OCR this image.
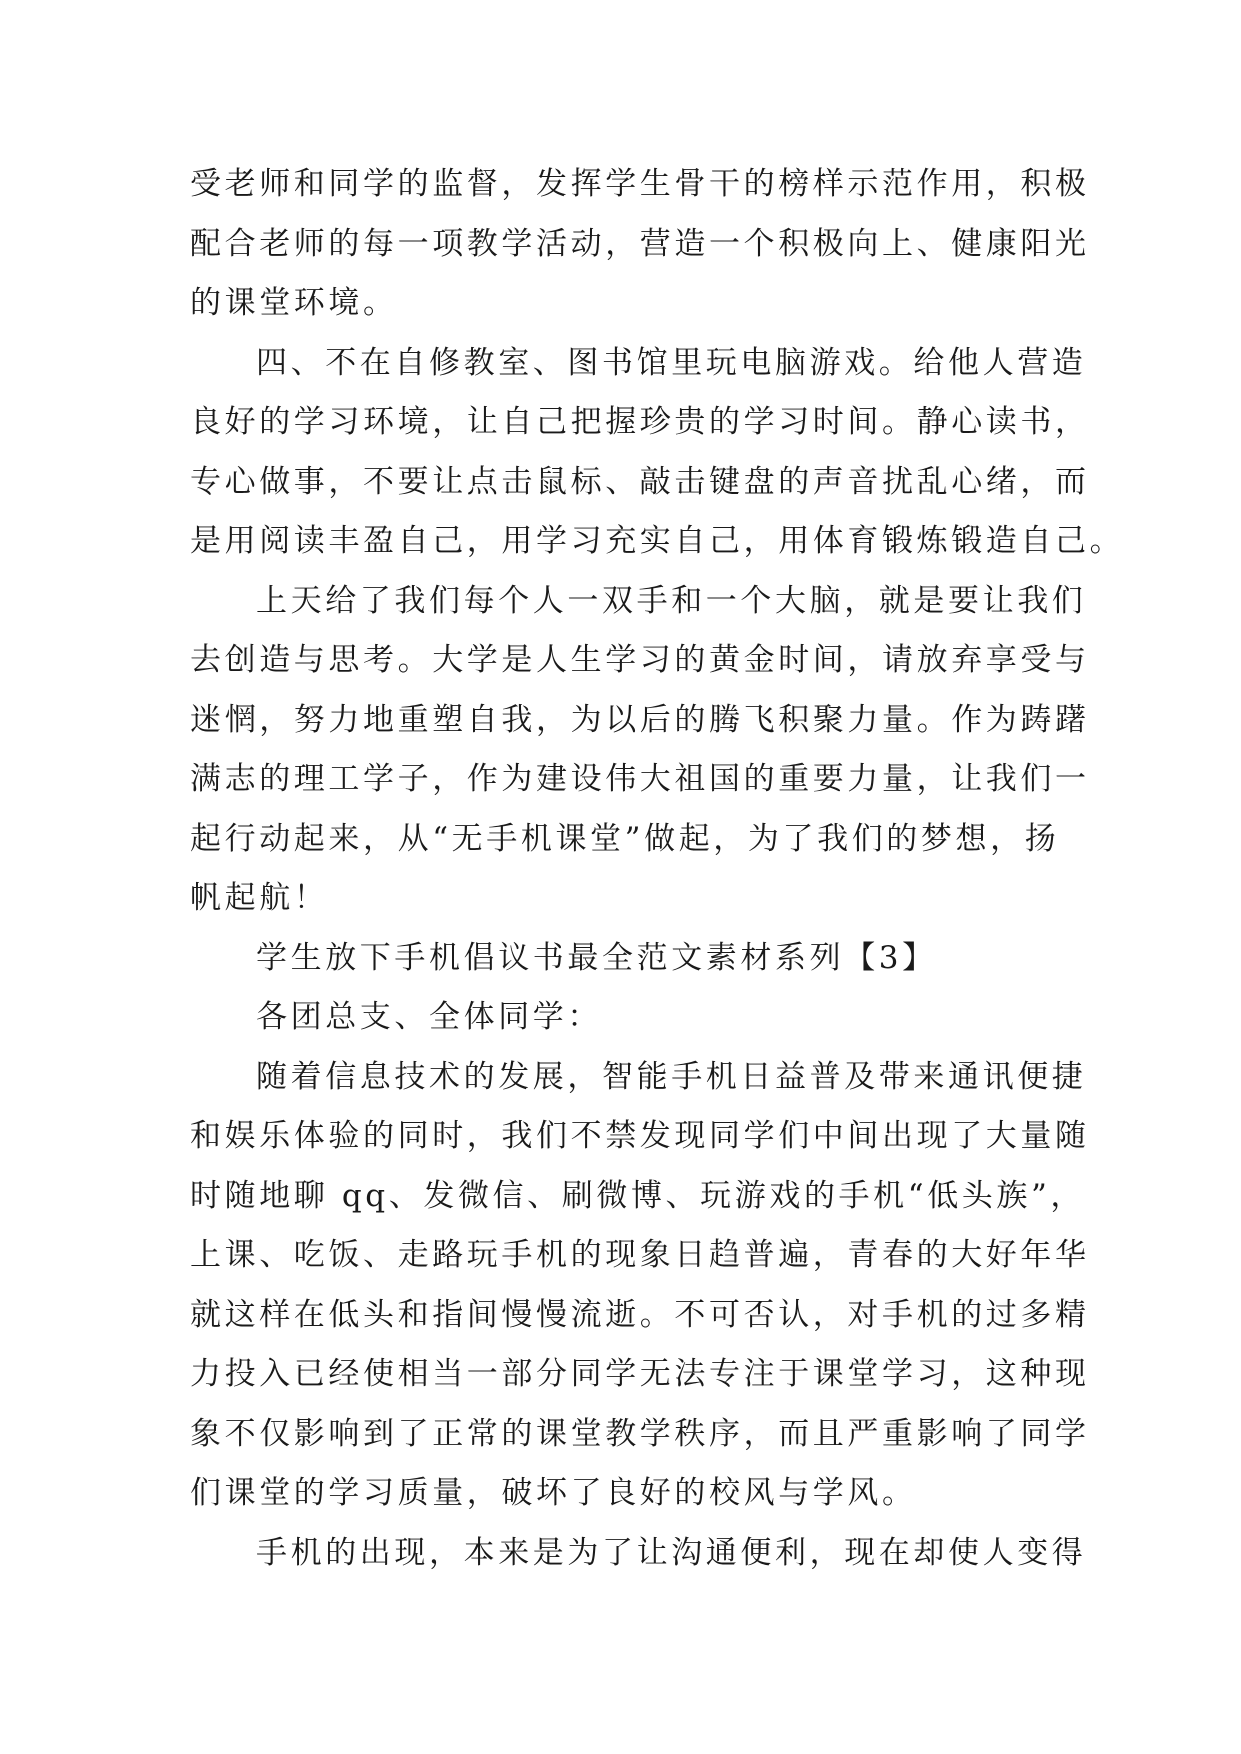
受老师和同学的监督，发挥学生骨干的榜样示范作用，积极
配合老师的每一项教学活动，营造一个积极向上、健康阳光
的课堂环境。
四、不在自修教室、图书馆里玩电脑游戏。给他人营造
良好的学习环境，让自己把握珍贵的学习时间。静心读书，
专心做事，不要让点击鼠标、敲击键盘的声音扰乱心绪，而
是用阅读丰盈自己，用学习充实自己，用体育锻炼锻造自己。
上天给了我们每个人一双手和一个大脑，就是要让我们
去创造与思考。大学是人生学习的黄金时间，请放弃享受与
迷惘，努力地重塑自我，为以后的腾飞积聚力量。作为踌躇
满志的理工学子，作为建设伟大祖国的重要力量，让我们一
起行动起来，从“无手机课堂”做起，为了我们的梦想，扬
帆起航！
学生放下手机倡议书最全范文素材系列【3】
各团总支、全体同学：
随着信息技术的发展，智能手机日益普及带来通讯便捷
和娱乐体验的同时，我们不禁发现同学们中间出现了大量随
时随地聊 qq、发微信、刷微博、玩游戏的手机“低头族”，
上课、吃饭、走路玩手机的现象日趋普遍，青春的大好年华
就这样在低头和指间慢慢流逝。不可否认，对手机的过多精
力投入已经使相当一部分同学无法专注于课堂学习，这种现
象不仅影响到了正常的课堂教学秩序，而且严重影响了同学
们课堂的学习质量，破坏了良好的校风与学风。
手机的出现，本来是为了让沟通便利，现在却使人变得
